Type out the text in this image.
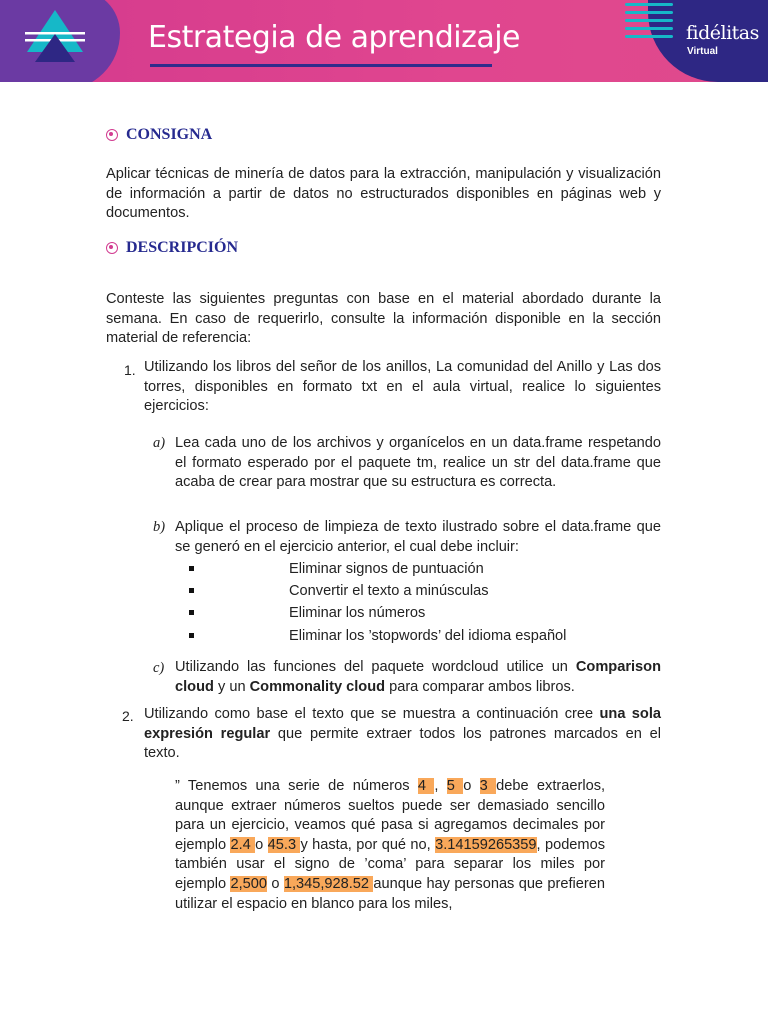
Estrategia de aprendizaje	fidélitas
Virtual
CONSIGNA
Aplicar técnicas de minería de datos para la extracción, manipulación y visualización de información a partir de datos no estructurados disponibles en páginas web y documentos.
DESCRIPCIÓN
Conteste las siguientes preguntas con base en el material abordado durante la semana. En caso de requerirlo, consulte la información disponible en la sección material de referencia:
1. Utilizando los libros del señor de los anillos, La comunidad del Anillo y Las dos torres, disponibles en formato txt en el aula virtual, realice lo siguientes ejercicios:
a) Lea cada uno de los archivos y organícelos en un data.frame respetando el formato esperado por el paquete tm, realice un str del data.frame que acaba de crear para mostrar que su estructura es correcta.
b) Aplique el proceso de limpieza de texto ilustrado sobre el data.frame que se generó en el ejercicio anterior, el cual debe incluir:
Eliminar signos de puntuación
Convertir el texto a minúsculas
Eliminar los números
Eliminar los ’stopwords’ del idioma español
c) Utilizando las funciones del paquete wordcloud utilice un Comparison cloud y un Commonality cloud para comparar ambos libros.
2. Utilizando como base el texto que se muestra a continuación cree una sola expresión regular que permite extraer todos los patrones marcados en el texto.
” Tenemos una serie de números 4 , 5 o 3 debe extraerlos, aunque extraer números sueltos puede ser demasiado sencillo para un ejercicio, veamos qué pasa si agregamos decimales por ejemplo 2.4 o 45.3 y hasta, por qué no, 3.14159265359, podemos también usar el signo de ’coma’ para separar los miles por ejemplo 2,500 o 1,345,928.52 aunque hay personas que prefieren utilizar el espacio en blanco para los miles,
